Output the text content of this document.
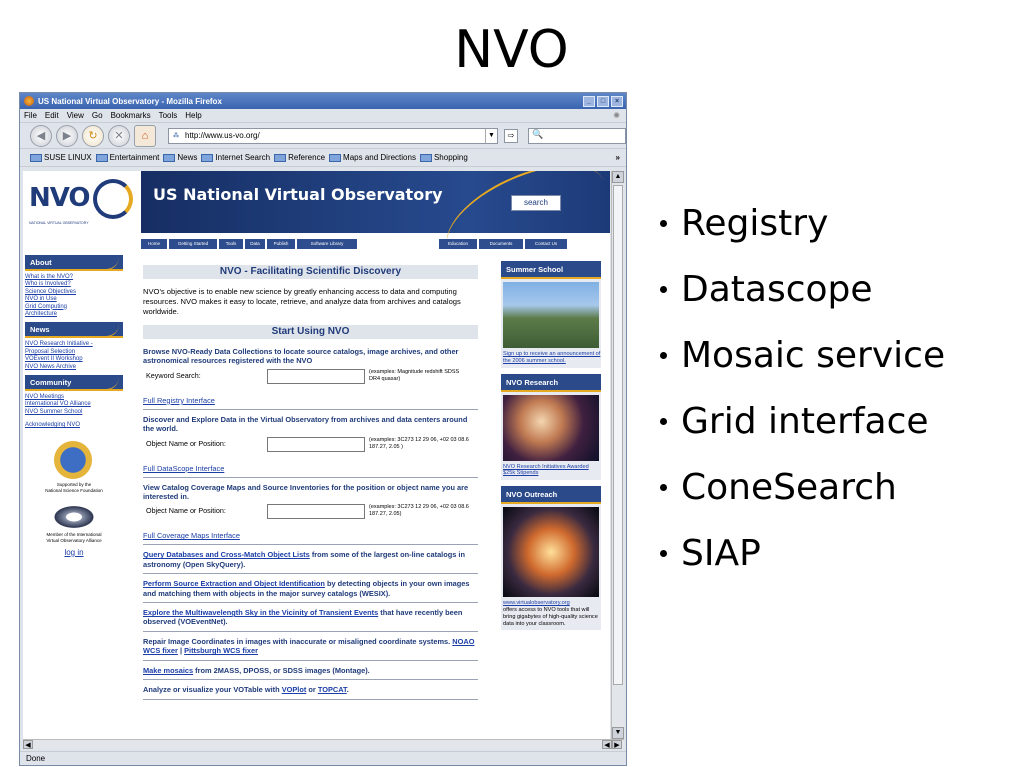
NVO
Registry
Datascope
Mosaic service
Grid interface
ConeSearch
SIAP
US National Virtual Observatory - Mozilla Firefox	_	□	×
File Edit View Go Bookmarks Tools Help	✺
◀	▶	↻	✕	⌂	⁂ http://www.us-vo.org/	▼	⇨	🔍
SUSE LINUX Entertainment News Internet Search Reference Maps and Directions Shopping	»
NVO
NATIONAL VIRTUAL OBSERVATORY
US National Virtual Observatory	search
Home	Getting Started	Tools	Data	Publish	Software Library	Education	Documents	Contact Us
About
What is the NVO?
Who is Involved?
Science Objectives
NVO in Use
Grid Computing
Architecture
News
NVO Research Initiative -
Proposal Selection
VOEvent II Workshop
NVO News Archive
Community
NVO Meetings
International VO Alliance
NVO Summer School
Acknowledging NVO
Supported by the
National Science Foundation
Member of the International
Virtual Observatory Alliance
log in
NVO - Facilitating Scientific Discovery
NVO's objective is to enable new science by greatly enhancing access to data and computing resources. NVO makes it easy to locate, retrieve, and analyze data from archives and catalogs worldwide.
Start Using NVO
Browse NVO-Ready Data Collections to locate source catalogs, image archives, and other astronomical resources registered with the NVO
Keyword Search:	(examples: Magnitude redshift SDSS DR4 quasar)
Full Registry Interface
Discover and Explore Data in the Virtual Observatory from archives and data centers around the world.
Object Name or Position:	(examples: 3C273 12 29 06, +02 03 08.6 187.27, 2.05 )
Full DataScope Interface
View Catalog Coverage Maps and Source Inventories for the position or object name you are interested in.
Object Name or Position:	(examples: 3C273 12 29 06, +02 03 08.6 187.27, 2.05)
Full Coverage Maps Interface
Query Databases and Cross-Match Object Lists from some of the largest on-line catalogs in astronomy (Open SkyQuery).
Perform Source Extraction and Object Identification by detecting objects in your own images and matching them with objects in the major survey catalogs (WESIX).
Explore the Multiwavelength Sky in the Vicinity of Transient Events that have recently been observed (VOEventNet).
Repair Image Coordinates in images with inaccurate or misaligned coordinate systems. NOAO WCS fixer | Pittsburgh WCS fixer
Make mosaics from 2MASS, DPOSS, or SDSS images (Montage).
Analyze or visualize your VOTable with VOPlot or TOPCAT.
Summer School
Sign up to receive an announcement of the 2006 summer school.
NVO Research
NVO Research Initiatives Awarded $25k Stipends
NVO Outreach
www.virtualobservatory.org
offers access to NVO tools that will bring gigabytes of high-quality science data into your classroom.
▲
▼
◀	◀ ▶
Done
